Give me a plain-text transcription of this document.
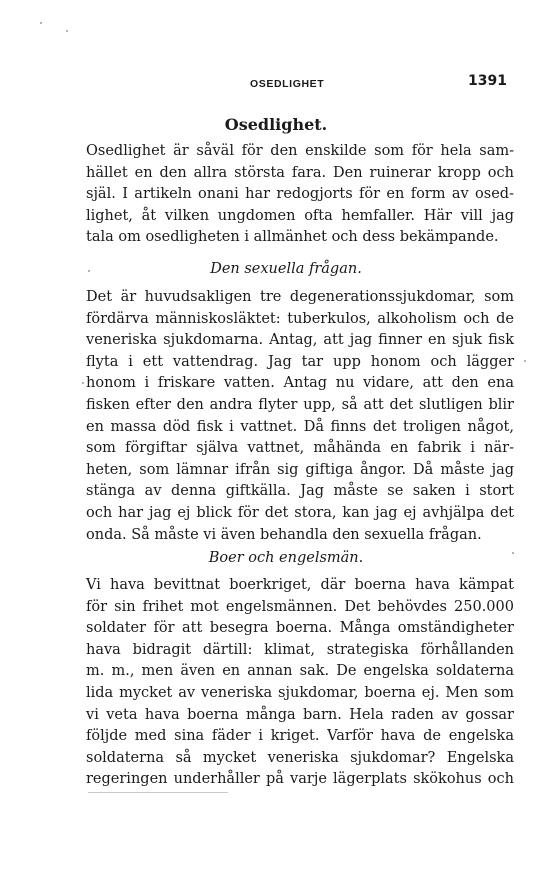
OSEDLIGHET	1391
Osedlighet.
Osedlighet är såväl för den enskilde som för hela sam-
hället en den allra största fara. Den ruinerar kropp och
själ. I artikeln onani har redogjorts för en form av osed-
lighet, åt vilken ungdomen ofta hemfaller. Här vill jag
tala om osedligheten i allmänhet och dess bekämpande.
Den sexuella frågan.
Det är huvudsakligen tre degenerationssjukdomar, som
fördärva människosläktet: tuberkulos, alkoholism och de
veneriska sjukdomarna. Antag, att jag finner en sjuk fisk
flyta i ett vattendrag. Jag tar upp honom och lägger
honom i friskare vatten. Antag nu vidare, att den ena
fisken efter den andra flyter upp, så att det slutligen blir
en massa död fisk i vattnet. Då finns det troligen något,
som förgiftar själva vattnet, måhända en fabrik i när-
heten, som lämnar ifrån sig giftiga ångor. Då måste jag
stänga av denna giftkälla. Jag måste se saken i stort
och har jag ej blick för det stora, kan jag ej avhjälpa det
onda. Så måste vi även behandla den sexuella frågan.
Boer och engelsmän.
Vi hava bevittnat boerkriget, där boerna hava kämpat
för sin frihet mot engelsmännen. Det behövdes 250.000
soldater för att besegra boerna. Många omständigheter
hava bidragit därtill: klimat, strategiska förhållanden
m. m., men även en annan sak. De engelska soldaterna
lida mycket av veneriska sjukdomar, boerna ej. Men som
vi veta hava boerna många barn. Hela raden av gossar
följde med sina fäder i kriget. Varför hava de engelska
soldaterna så mycket veneriska sjukdomar? Engelska
regeringen underhåller på varje lägerplats skökohus och
